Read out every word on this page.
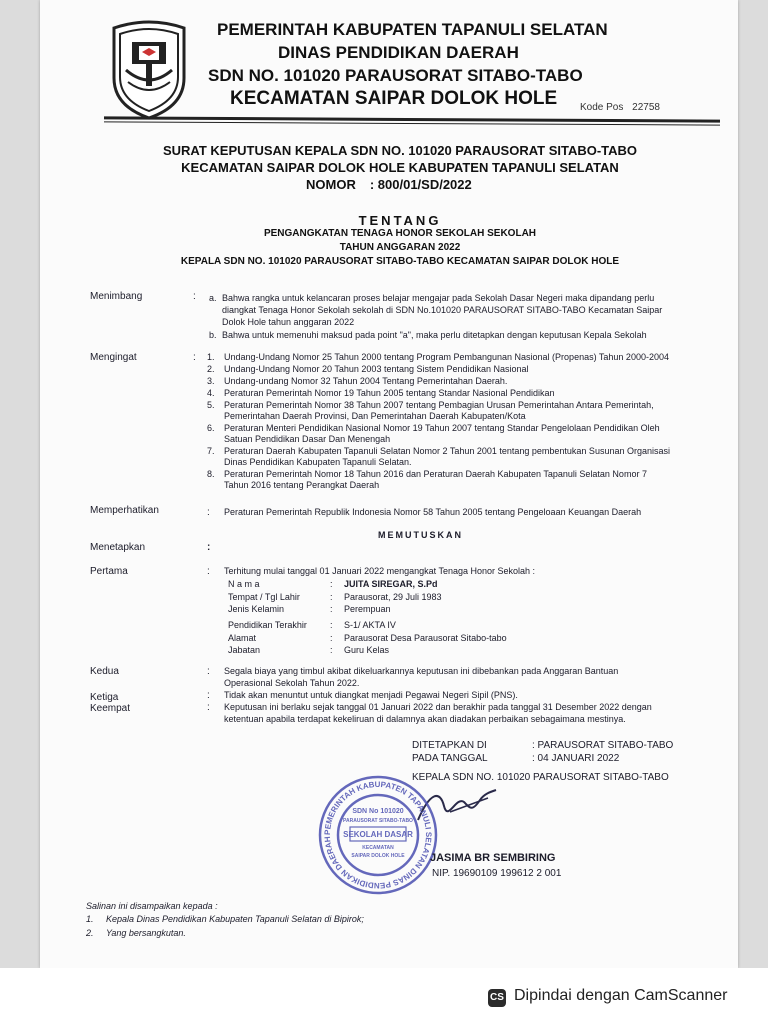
PEMERINTAH KABUPATEN TAPANULI SELATAN
DINAS PENDIDIKAN DAERAH
SDN NO. 101020 PARAUSORAT SITABO-TABO
KECAMATAN SAIPAR DOLOK HOLE	Kode Pos 22758
SURAT KEPUTUSAN KEPALA SDN NO. 101020 PARAUSORAT SITABO-TABO
KECAMATAN SAIPAR DOLOK HOLE KABUPATEN TAPANULI SELATAN
NOMOR : 800/01/SD/2022
TENTANG
PENGANGKATAN TENAGA HONOR SEKOLAH SEKOLAH
TAHUN ANGGARAN 2022
KEPALA SDN NO. 101020 PARAUSORAT SITABO-TABO KECAMATAN SAIPAR DOLOK HOLE
Menimbang	: a. Bahwa rangka untuk kelancaran proses belajar mengajar pada Sekolah Dasar Negeri maka dipandang perlu
diangkat Tenaga Honor Sekolah sekolah di SDN No.101020 PARAUSORAT SITABO-TABO Kecamatan Saipar
Dolok Hole tahun anggaran 2022
b. Bahwa untuk memenuhi maksud pada point "a", maka perlu ditetapkan dengan keputusan Kepala Sekolah
Mengingat	: 1. Undang-Undang Nomor 25 Tahun 2000 tentang Program Pembangunan Nasional (Propenas) Tahun 2000-2004
2. Undang-Undang Nomor 20 Tahun 2003 tentang Sistem Pendidikan Nasional
3. Undang-undang Nomor 32 Tahun 2004 Tentang Pemerintahan Daerah.
4. Peraturan Pemerintah Nomor 19 Tahun 2005 tentang Standar Nasional Pendidikan
5. Peraturan Pemerintah Nomor 38 Tahun 2007 tentang Pembagian Urusan Pemerintahan Antara Pemerintah,
Pemerintahan Daerah Provinsi, Dan Pemerintahan Daerah Kabupaten/Kota
6. Peraturan Menteri Pendidikan Nasional Nomor 19 Tahun 2007 tentang Standar Pengelolaan Pendidikan Oleh
Satuan Pendidikan Dasar Dan Menengah
7. Peraturan Daerah Kabupaten Tapanuli Selatan Nomor 2 Tahun 2001 tentang pembentukan Susunan Organisasi
Dinas Pendidikan Kabupaten Tapanuli Selatan.
8. Peraturan Pemerintah Nomor 18 Tahun 2016 dan Peraturan Daerah Kabupaten Tapanuli Selatan Nomor 7
Tahun 2016 tentang Perangkat Daerah
Memperhatikan	: Peraturan Pemerintah Republik Indonesia Nomor 58 Tahun 2005 tentang Pengeloaan Keuangan Daerah
MEMUTUSKAN
Menetapkan	:
Pertama	: Terhitung mulai tanggal 01 Januari 2022 mengangkat Tenaga Honor Sekolah :
N a m a	: JUITA SIREGAR, S.Pd
Tempat / Tgl Lahir	: Parausorat, 29 Juli 1983
Jenis Kelamin	: Perempuan
Pendidikan Terakhir	: S-1/ AKTA IV
Alamat	: Parausorat Desa Parausorat Sitabo-tabo
Jabatan	: Guru Kelas
Kedua	: Segala biaya yang timbul akibat dikeluarkannya keputusan ini dibebankan pada Anggaran Bantuan
Operasional Sekolah Tahun 2022.
Ketiga	: Tidak akan menuntut untuk diangkat menjadi Pegawai Negeri Sipil (PNS).
Keempat	: Keputusan ini berlaku sejak tanggal 01 Januari 2022 dan berakhir pada tanggal 31 Desember 2022 dengan
ketentuan apabila terdapat kekeliruan di dalamnya akan diadakan perbaikan sebagaimana mestinya.
DITETAPKAN DI	: PARAUSORAT SITABO-TABO
PADA TANGGAL	: 04 JANUARI 2022
KEPALA SDN NO. 101020 PARAUSORAT SITABO-TABO
PEMERINTAH KABUPATEN TAPANULI SELATAN DINAS PENDIDIKAN DAERAH
SDN No 101020
PARAUSORAT SITABO-TABO
SEKOLAH DASAR
KECAMATAN
SAIPAR DOLOK HOLE JASIMA BR SEMBIRING
NIP. 19690109 199612 2 001
Salinan ini disampaikan kepada :
1. Kepala Dinas Pendidikan Kabupaten Tapanuli Selatan di Bipirok;
2. Yang bersangkutan.
CS Dipindai dengan CamScanner
